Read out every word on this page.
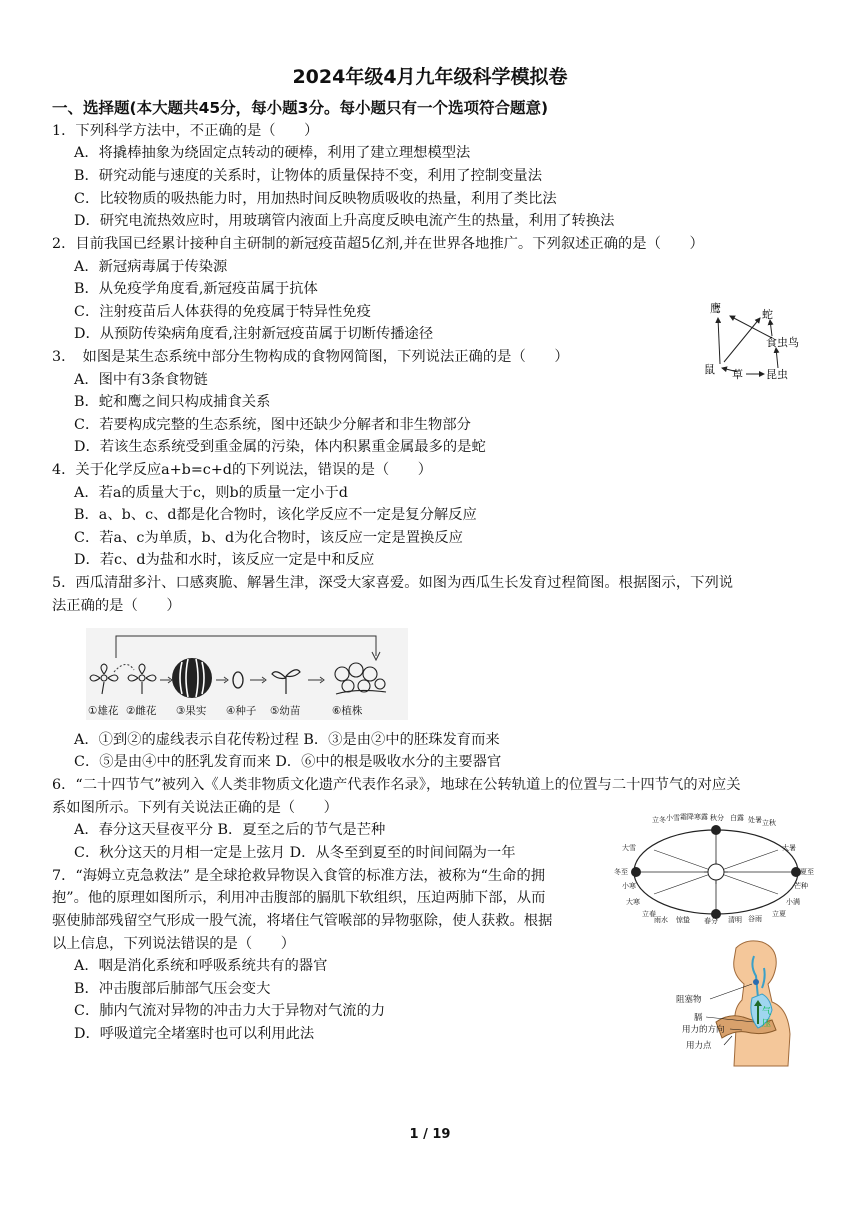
2024年级4月九年级科学模拟卷
一、选择题(本大题共45分，每小题3分。每小题只有一个选项符合题意)
1．下列科学方法中，不正确的是（　　）
A．将撬棒抽象为绕固定点转动的硬棒，利用了建立理想模型法
B．研究动能与速度的关系时，让物体的质量保持不变，利用了控制变量法
C．比较物质的吸热能力时，用加热时间反映物质吸收的热量，利用了类比法
D．研究电流热效应时，用玻璃管内液面上升高度反映电流产生的热量，利用了转换法
2．目前我国已经累计接种自主研制的新冠疫苗超5亿剂,并在世界各地推广。下列叙述正确的是（　　）
A．新冠病毒属于传染源
B．从免疫学角度看,新冠疫苗属于抗体
C．注射疫苗后人体获得的免疫属于特异性免疫
D．从预防传染病角度看,注射新冠疫苗属于切断传播途径
3．　如图是某生态系统中部分生物构成的食物网简图，下列说法正确的是（　　）
A．图中有3条食物链
B．蛇和鹰之间只构成捕食关系
C．若要构成完整的生态系统，图中还缺少分解者和非生物部分
D．若该生态系统受到重金属的污染，体内积累重金属最多的是蛇
4．关于化学反应a+b=c+d的下列说法，错误的是（　　）
A．若a的质量大于c，则b的质量一定小于d
B．a、b、c、d都是化合物时，该化学反应不一定是复分解反应
C．若a、c为单质，b、d为化合物时，该反应一定是置换反应
D．若c、d为盐和水时，该反应一定是中和反应
5．西瓜清甜多汁、口感爽脆、解暑生津，深受大家喜爱。如图为西瓜生长发育过程简图。根据图示，下列说
法正确的是（　　）
A．①到②的虚线表示自花传粉过程 B．③是由②中的胚珠发育而来
C．⑤是由④中的胚乳发育而来 D．⑥中的根是吸收水分的主要器官
6．“二十四节气”被列入《人类非物质文化遗产代表作名录》，地球在公转轨道上的位置与二十四节气的对应关
系如图所示。下列有关说法正确的是（　　）
A．春分这天昼夜平分 B．夏至之后的节气是芒种
C．秋分这天的月相一定是上弦月 D．从冬至到夏至的时间间隔为一年
7．“海姆立克急救法” 是全球抢救异物误入食管的标准方法，被称为“生命的拥
抱”。他的原理如图所示，利用冲击腹部的膈肌下软组织，压迫两肺下部，从而
驱使肺部残留空气形成一股气流，将堵住气管喉部的异物驱除，使人获救。根据
以上信息，下列说法错误的是（　　）
A．咽是消化系统和呼吸系统共有的器官
B．冲击腹部后肺部气压会变大
C．肺内气流对异物的冲击力大于异物对气流的力
D．呼吸道完全堵塞时也可以利用此法
鹰	蛇
鼠
食虫鸟
草 昆虫
①雄花 ②雌花 ③果实 ④种子 ⑤幼苗	⑥植株
立冬 小雪 霜降 寒露 秋分 白露 处暑 立秋
大雪	大暑
冬至	夏至
小寒	芒种
大寒	小满
立春	立夏
雨水 惊蛰 春分 清明 谷雨
气
压
阻塞物
膈
用力的方向
用力点
1 / 19
